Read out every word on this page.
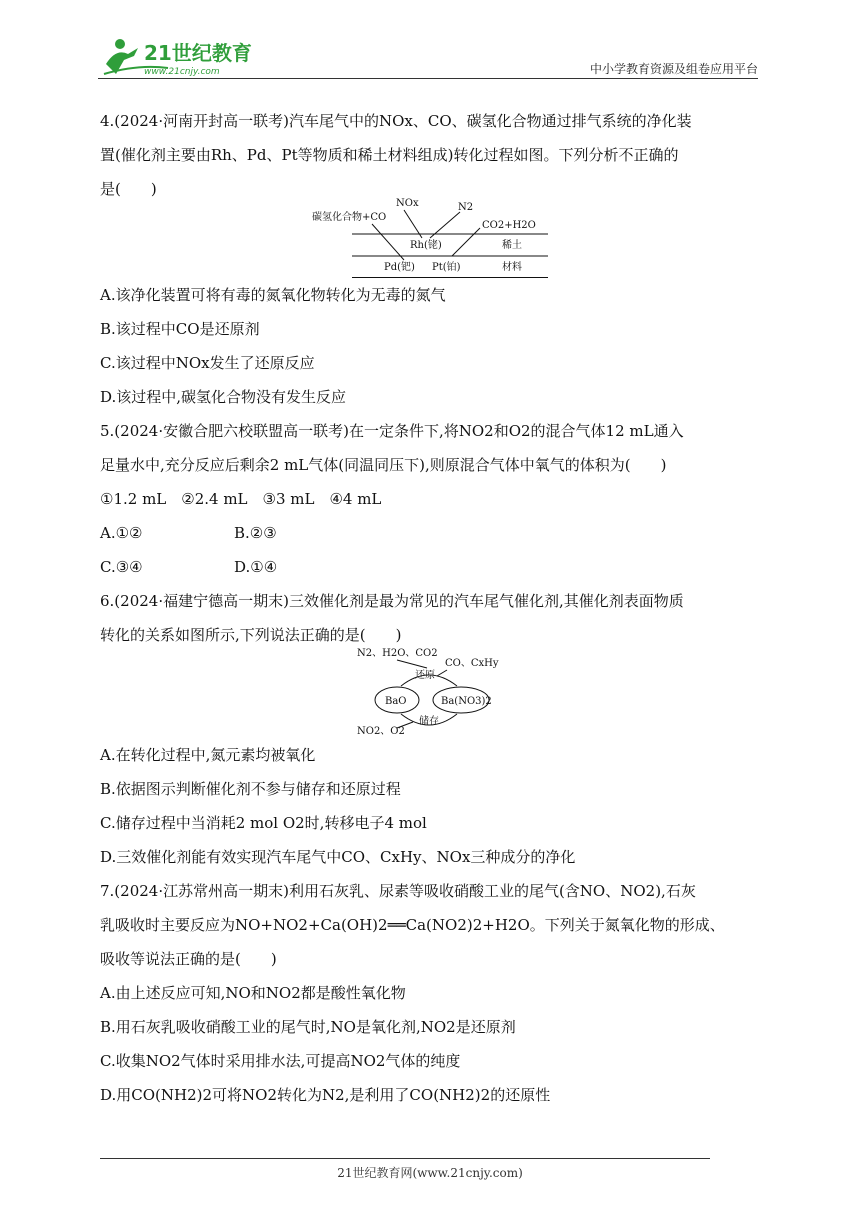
21世纪教育
www.21cnjy.com	中小学教育资源及组卷应用平台

4.(2024·河南开封高一联考)汽车尾气中的NOx、CO、碳氢化合物通过排气系统的净化装

置(催化剂主要由Rh、Pd、Pt等物质和稀土材料组成)转化过程如图。下列分析不正确的

是(　　)

碳氢化合物+CO
NOx	N2
CO2+H2O
Rh(铑)
Pd(钯) Pt(铂)
稀土
材料

A.该净化装置可将有毒的氮氧化物转化为无毒的氮气

B.该过程中CO是还原剂

C.该过程中NOx发生了还原反应

D.该过程中,碳氢化合物没有发生反应

5.(2024·安徽合肥六校联盟高一联考)在一定条件下,将NO2和O2的混合气体12 mL通入

足量水中,充分反应后剩余2 mL气体(同温同压下),则原混合气体中氧气的体积为(　　)

①1.2 mL　②2.4 mL　③3 mL　④4 mL

A.①②	B.②③
C.③④	D.①④

6.(2024·福建宁德高一期末)三效催化剂是最为常见的汽车尾气催化剂,其催化剂表面物质

转化的关系如图所示,下列说法正确的是(　　)

N2、H2O、CO2
CO、CxHy
还原
BaO	Ba(NO3)2
NO2、O2
储存

A.在转化过程中,氮元素均被氧化

B.依据图示判断催化剂不参与储存和还原过程

C.储存过程中当消耗2 mol O2时,转移电子4 mol

D.三效催化剂能有效实现汽车尾气中CO、CxHy、NOx三种成分的净化

7.(2024·江苏常州高一期末)利用石灰乳、尿素等吸收硝酸工业的尾气(含NO、NO2),石灰

乳吸收时主要反应为NO+NO2+Ca(OH)2══Ca(NO2)2+H2O。下列关于氮氧化物的形成、

吸收等说法正确的是(　　)

A.由上述反应可知,NO和NO2都是酸性氧化物

B.用石灰乳吸收硝酸工业的尾气时,NO是氧化剂,NO2是还原剂

C.收集NO2气体时采用排水法,可提高NO2气体的纯度

D.用CO(NH2)2可将NO2转化为N2,是利用了CO(NH2)2的还原性

21世纪教育网(www.21cnjy.com)
